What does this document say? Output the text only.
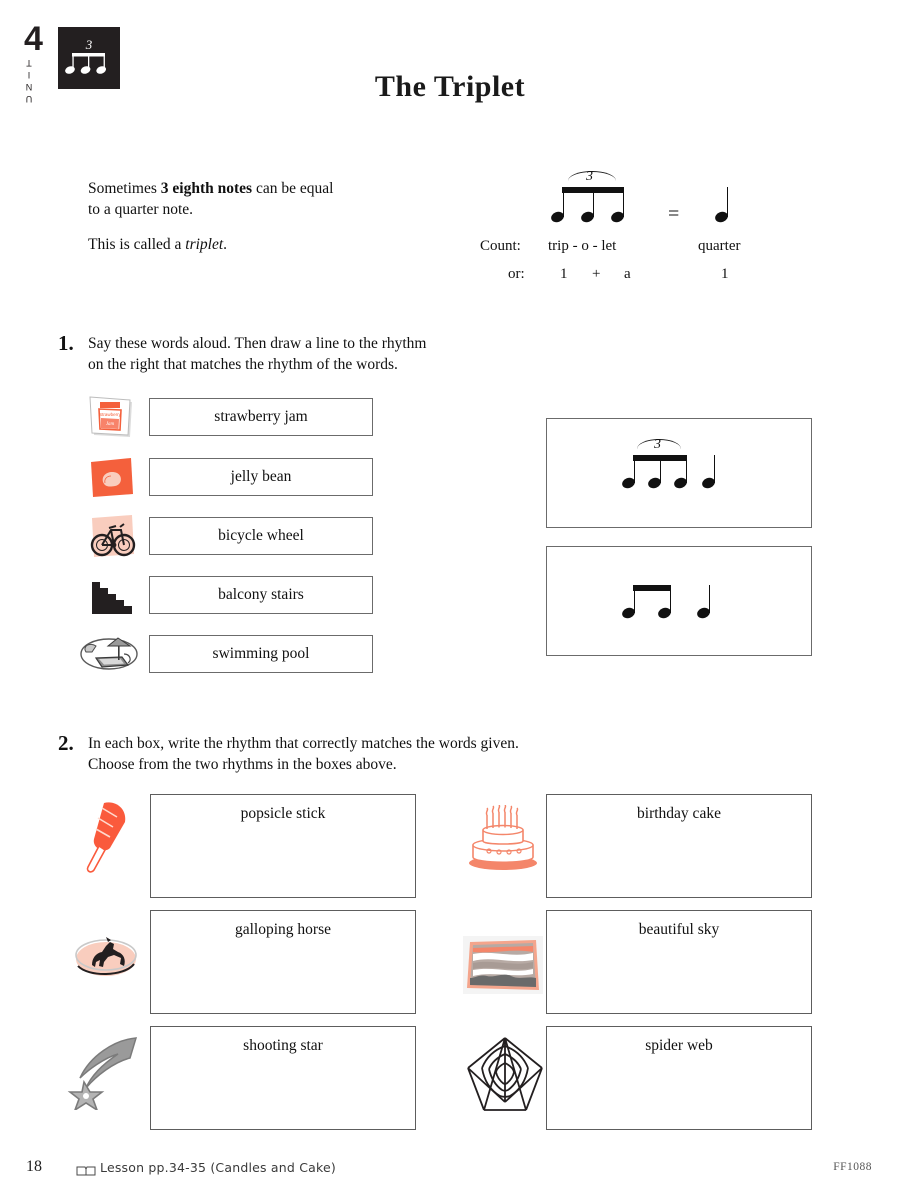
4
UNIT
3
The Triplet

Sometimes 3 eighth notes can be equal to a quarter note.

This is called a triplet.

3
=
Count: trip - o - let	quarter
or: 1 + a	1
1. Say these words aloud. Then draw a line to the rhythm
on the right that matches the rhythm of the words.
Strawberry
Jam	strawberry jam
jelly bean
bicycle wheel
balcony stairs
swimming pool
3
2. In each box, write the rhythm that correctly matches the words given.
Choose from the two rhythms in the boxes above.
popsicle stick
galloping horse
shooting star
birthday cake
beautiful sky
spider web
18	Lesson pp.34-35 (Candles and Cake)	FF1088
